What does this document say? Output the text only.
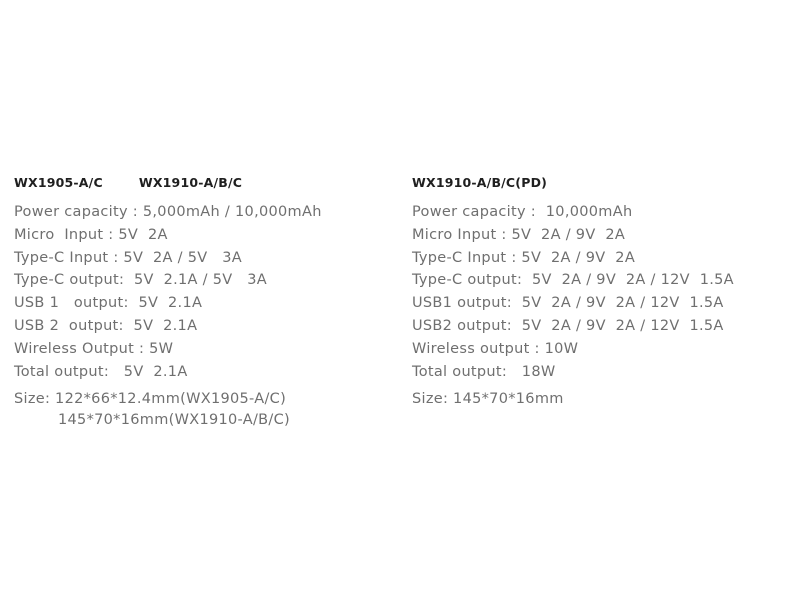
WX1905-A/C	WX1910-A/B/C
Power capacity : 5,000mAh / 10,000mAh
Micro  Input : 5V  2A
Type-C Input : 5V  2A / 5V   3A
Type-C output:  5V  2.1A / 5V   3A
USB 1   output:  5V  2.1A
USB 2  output:  5V  2.1A
Wireless Output : 5W
Total output:   5V  2.1A
Size: 122*66*12.4mm(WX1905-A/C)
145*70*16mm(WX1910-A/B/C)
WX1910-A/B/C(PD)
Power capacity :  10,000mAh
Micro Input : 5V  2A / 9V  2A
Type-C Input : 5V  2A / 9V  2A
Type-C output:  5V  2A / 9V  2A / 12V  1.5A
USB1 output:  5V  2A / 9V  2A / 12V  1.5A
USB2 output:  5V  2A / 9V  2A / 12V  1.5A
Wireless output : 10W
Total output:   18W
Size: 145*70*16mm
